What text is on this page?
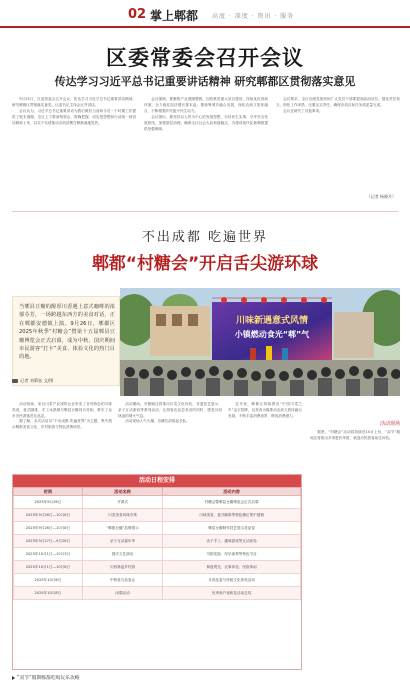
02 掌上郫都 高度 · 深度 · 资讯 · 服务
区委常委会召开会议
传达学习习近平总书记重要讲话精神 研究郫都区贯彻落实意见

9月25日，区委常委会召开会议，传达学习习近平总书记重要讲话精神，研究郫都区贯彻落实意见。区委书记主持会议并讲话。

会议认为，习近平总书记重要讲话为我们做好当前和今后一个时期工作提供了根本遵循，全区上下要深刻领会、准确把握，切实把思想和行动统一到讲话精神上来，以实干实绩推动各项部署在郫都落地见效。

会议强调，要聚焦产业建圈强链，加快推进重大项目建设，持续优化营商环境，全力稳住经济增长基本盘；要统筹城乡融合发展，深化农商文旅体融合，不断增强乡村振兴内生动力。

会议指出，要坚持以人民为中心的发展思想，办好民生实事，守牢安全发展底线，加强基层治理，确保全区社会大局和谐稳定，为建设现代化新郫都提供坚强保障。

会议要求，全区各级党组织和广大党员干部要提高政治站位，强化责任担当，细化工作举措，压紧压实责任，确保各项目标任务高质量完成。

会议还研究了其他事项。

（记者 杨晓月）
不出成都 吃遍世界
郫都“村糖会”开启舌尖游环球
当郫县豆瓣的醇厚川香遇上意式咖啡的浓郁芬芳，一场跨越东西方的美食对话，正在郫都安德镇上演。9月26日，郫都区2025年秋季“村糖会”暨第十五届郫县豆瓣博览会正式启幕，成为中秋、国庆期间市民游客“打卡”美食、体验文化的热门目的地。
记者 刘莉钰 文/图
川味新遇意式风情
小镇燃动食光“郫”气

活动现场，来自川菜产业城的企业带来了各具特色的川味美食，意式咖啡、手工冰淇淋与郫县豆瓣同台亮相，吸引了众多市民游客驻足品尝。

据了解，本次活动以“不出成都 吃遍世界”为主题，集中展示郫都美食文化、乡村旅游与特色消费场景。

活动期间，安德镇还将推出川菜文化体验、非遗技艺展示、亲子互动游戏等系列活动，让游客在品尝美食的同时，感受川西林盘的烟火气息。

活动现场人气火爆，各摊位前排起长队。

近年来，郫都区持续擦亮“中国川菜之乡”金字招牌，以美食为媒推动农商文旅体融合发展，不断丰富消费场景、释放消费潜力。

活动现场

据悉，“村糖会”活动将持续至10月上旬，“双节”期间还将推出多项惠民举措，欢迎市民游客前往体验。

活动日程安排
时间	活动名称	活动内容
2025年9月26日	开幕式	村糖会暨郫县豆瓣博览会正式启幕
2025年9月26日—10月8日	川菜美食风味市集	川味美食、意式咖啡等特色摊位集中展销
2025年9月26日—10月8日	“郫都豆瓣”品牌展示	郫县豆瓣制作技艺展示及品鉴
2025年9月27日—9月28日	亲子互动嘉年华	亲子手工、趣味游戏等互动体验
2025年10月1日—10月3日	国庆文艺演出	川剧变脸、民乐演奏等特色节目
2025年10月1日—10月8日	川西林盘乡村游	林盘观光、农事体验、民宿休闲
2025年10月6日	中秋赏月品鉴会	月饼品鉴与传统文化体验活动
2025年10月8日	闭幕活动	优秀商户表彰及活动总结
“双节”假期郫都吃喝玩乐攻略
